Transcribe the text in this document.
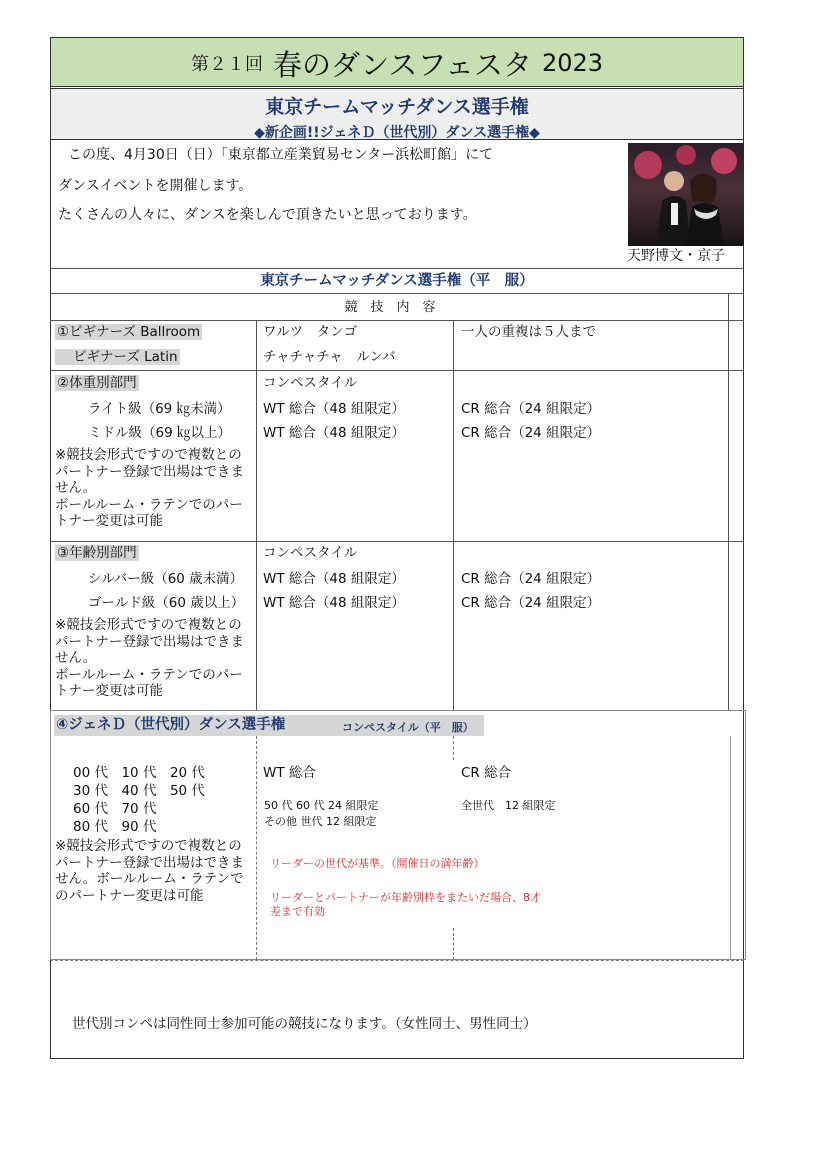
第２１回 春のダンスフェスタ 2023
東京チームマッチダンス選手権
◆新企画!!ジェネＤ（世代別）ダンス選手権◆
この度、4月30日（日）「東京都立産業貿易センター浜松町館」にて
ダンスイベントを開催します。
たくさんの人々に、ダンスを楽しんで頂きたいと思っております。
天野博文・京子
東京チームマッチダンス選手権（平　服）
競　技　内　容
①ビギナーズ Ballroom
ビギナーズ Latin
ワルツ　タンゴ
チャチャチャ　ルンバ
一人の重複は５人まで
②体重別部門
ライト級（69 ㎏未満）
ミドル級（69 ㎏以上）
※競技会形式ですので複数とのパートナー登録で出場はできません。
ボールルーム・ラテンでのパートナー変更は可能
コンペスタイル
WT 総合（48 組限定）
WT 総合（48 組限定）
CR 総合（24 組限定）
CR 総合（24 組限定）
③年齢別部門
シルバー級（60 歳未満）
ゴールド級（60 歳以上）
※競技会形式ですので複数とのパートナー登録で出場はできません。
ボールルーム・ラテンでのパートナー変更は可能
コンペスタイル
WT 総合（48 組限定）
WT 総合（48 組限定）
CR 総合（24 組限定）
CR 総合（24 組限定）
④ジェネＤ（世代別）ダンス選手権	コンペスタイル（平　服）
00 代　10 代　20 代
30 代　40 代　50 代
60 代　70 代
80 代　90 代
※競技会形式ですので複数とのパートナー登録で出場はできません。ボールルーム・ラテンでのパートナー変更は可能
WT 総合
50 代 60 代 24 組限定
その他 世代 12 組限定
CR 総合
全世代　12 組限定
リーダーの世代が基準。（開催日の満年齢）
リーダーとパートナーが年齢別枠をまたいだ場合、8才
差まで有効
世代別コンペは同性同士参加可能の競技になります。（女性同士、男性同士）
